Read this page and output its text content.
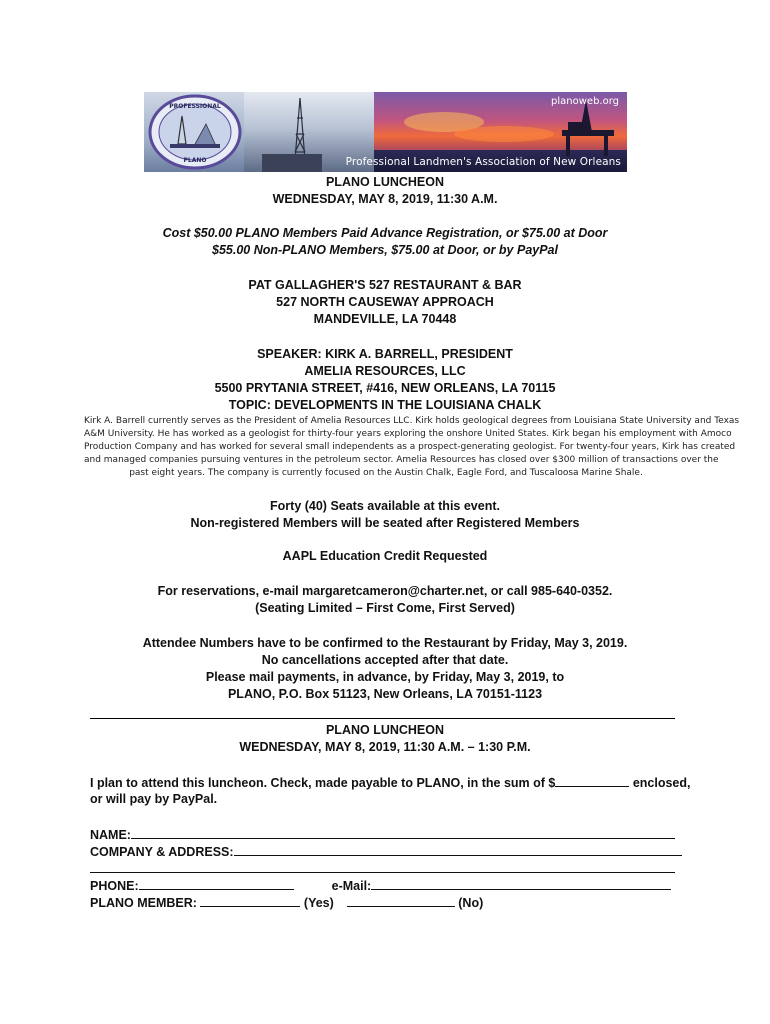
PROFESSIONAL
PLANO
planoweb.org
Professional Landmen's Association of New Orleans
PLANO LUNCHEON
WEDNESDAY, MAY 8, 2019, 11:30 A.M.
Cost $50.00 PLANO Members Paid Advance Registration, or $75.00 at Door
$55.00 Non-PLANO Members, $75.00 at Door, or by PayPal
PAT GALLAGHER'S 527 RESTAURANT & BAR
527 NORTH CAUSEWAY APPROACH
MANDEVILLE, LA 70448
SPEAKER: KIRK A. BARRELL, PRESIDENT
AMELIA RESOURCES, LLC
5500 PRYTANIA STREET, #416, NEW ORLEANS, LA 70115
TOPIC: DEVELOPMENTS IN THE LOUISIANA CHALK

Kirk A. Barrell currently serves as the President of Amelia Resources LLC. Kirk holds geological degrees from Louisiana State University and Texas

A&M University. He has worked as a geologist for thirty-four years exploring the onshore United States. Kirk began his employment with Amoco

Production Company and has worked for several small independents as a prospect-generating geologist. For twenty-four years, Kirk has created

and managed companies pursuing ventures in the petroleum sector. Amelia Resources has closed over $300 million of transactions over the

past eight years. The company is currently focused on the Austin Chalk, Eagle Ford, and Tuscaloosa Marine Shale.

Forty (40) Seats available at this event.
Non-registered Members will be seated after Registered Members
AAPL Education Credit Requested
For reservations, e-mail margaretcameron@charter.net, or call 985-640-0352.
(Seating Limited – First Come, First Served)
Attendee Numbers have to be confirmed to the Restaurant by Friday, May 3, 2019.
No cancellations accepted after that date.
Please mail payments, in advance, by Friday, May 3, 2019, to
PLANO, P.O. Box 51123, New Orleans, LA 70151-1123
PLANO LUNCHEON
WEDNESDAY, MAY 8, 2019, 11:30 A.M. – 1:30 P.M.
I plan to attend this luncheon. Check, made payable to PLANO, in the sum of $	enclosed,
or will pay by PayPal.
NAME:
COMPANY & ADDRESS:
PHONE:	e-Mail:
PLANO MEMBER:	(Yes)	(No)
